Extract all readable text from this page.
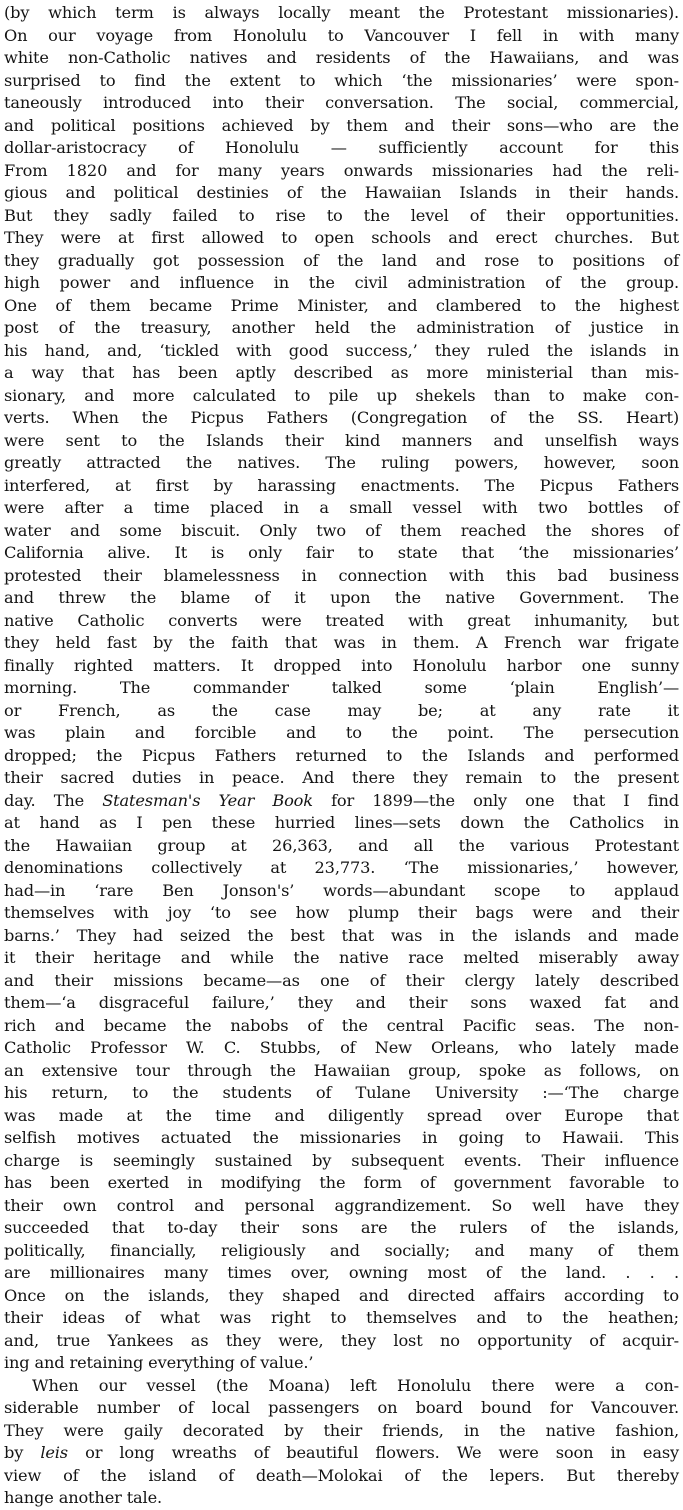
(by which term is always locally meant the Protestant missionaries).
On our voyage from Honolulu to Vancouver I fell in with many
white non-Catholic natives and residents of the Hawaiians, and was
surprised to find the extent to which ‘the missionaries’ were spon-
taneously introduced into their conversation. The social, commercial,
and political positions achieved by them and their sons—who are the
dollar-aristocracy of Honolulu — sufficiently account for this
From 1820 and for many years onwards missionaries had the reli-
gious and political destinies of the Hawaiian Islands in their hands.
But they sadly failed to rise to the level of their opportunities.
They were at first allowed to open schools and erect churches. But
they gradually got possession of the land and rose to positions of
high power and influence in the civil administration of the group.
One of them became Prime Minister, and clambered to the highest
post of the treasury, another held the administration of justice in
his hand, and, ‘tickled with good success,’ they ruled the islands in
a way that has been aptly described as more ministerial than mis-
sionary, and more calculated to pile up shekels than to make con-
verts. When the Picpus Fathers (Congregation of the SS. Heart)
were sent to the Islands their kind manners and unselfish ways
greatly attracted the natives. The ruling powers, however, soon
interfered, at first by harassing enactments. The Picpus Fathers
were after a time placed in a small vessel with two bottles of
water and some biscuit. Only two of them reached the shores of
California alive. It is only fair to state that ‘the missionaries’
protested their blamelessness in connection with this bad business
and threw the blame of it upon the native Government. The
native Catholic converts were treated with great inhumanity, but
they held fast by the faith that was in them. A French war frigate
finally righted matters. It dropped into Honolulu harbor one sunny
morning. The commander talked some ‘plain English’—
or French, as the case may be; at any rate it
was plain and forcible and to the point. The persecution
dropped; the Picpus Fathers returned to the Islands and performed
their sacred duties in peace. And there they remain to the present
day. The Statesman's Year Book for 1899—the only one that I find
at hand as I pen these hurried lines—sets down the Catholics in
the Hawaiian group at 26,363, and all the various Protestant
denominations collectively at 23,773. ‘The missionaries,’ however,
had—in ‘rare Ben Jonson's’ words—abundant scope to applaud
themselves with joy ‘to see how plump their bags were and their
barns.’ They had seized the best that was in the islands and made
it their heritage and while the native race melted miserably away
and their missions became—as one of their clergy lately described
them—‘a disgraceful failure,’ they and their sons waxed fat and
rich and became the nabobs of the central Pacific seas. The non-
Catholic Professor W. C. Stubbs, of New Orleans, who lately made
an extensive tour through the Hawaiian group, spoke as follows, on
his return, to the students of Tulane University :—‘The charge
was made at the time and diligently spread over Europe that
selfish motives actuated the missionaries in going to Hawaii. This
charge is seemingly sustained by subsequent events. Their influence
has been exerted in modifying the form of government favorable to
their own control and personal aggrandizement. So well have they
succeeded that to-day their sons are the rulers of the islands,
politically, financially, religiously and socially; and many of them
are millionaires many times over, owning most of the land. . . .
Once on the islands, they shaped and directed affairs according to
their ideas of what was right to themselves and to the heathen;
and, true Yankees as they were, they lost no opportunity of acquir-
ing and retaining everything of value.’
When our vessel (the Moana) left Honolulu there were a con-
siderable number of local passengers on board bound for Vancouver.
They were gaily decorated by their friends, in the native fashion,
by leis or long wreaths of beautiful flowers. We were soon in easy
view of the island of death—Molokai of the lepers. But thereby
hange another tale.
